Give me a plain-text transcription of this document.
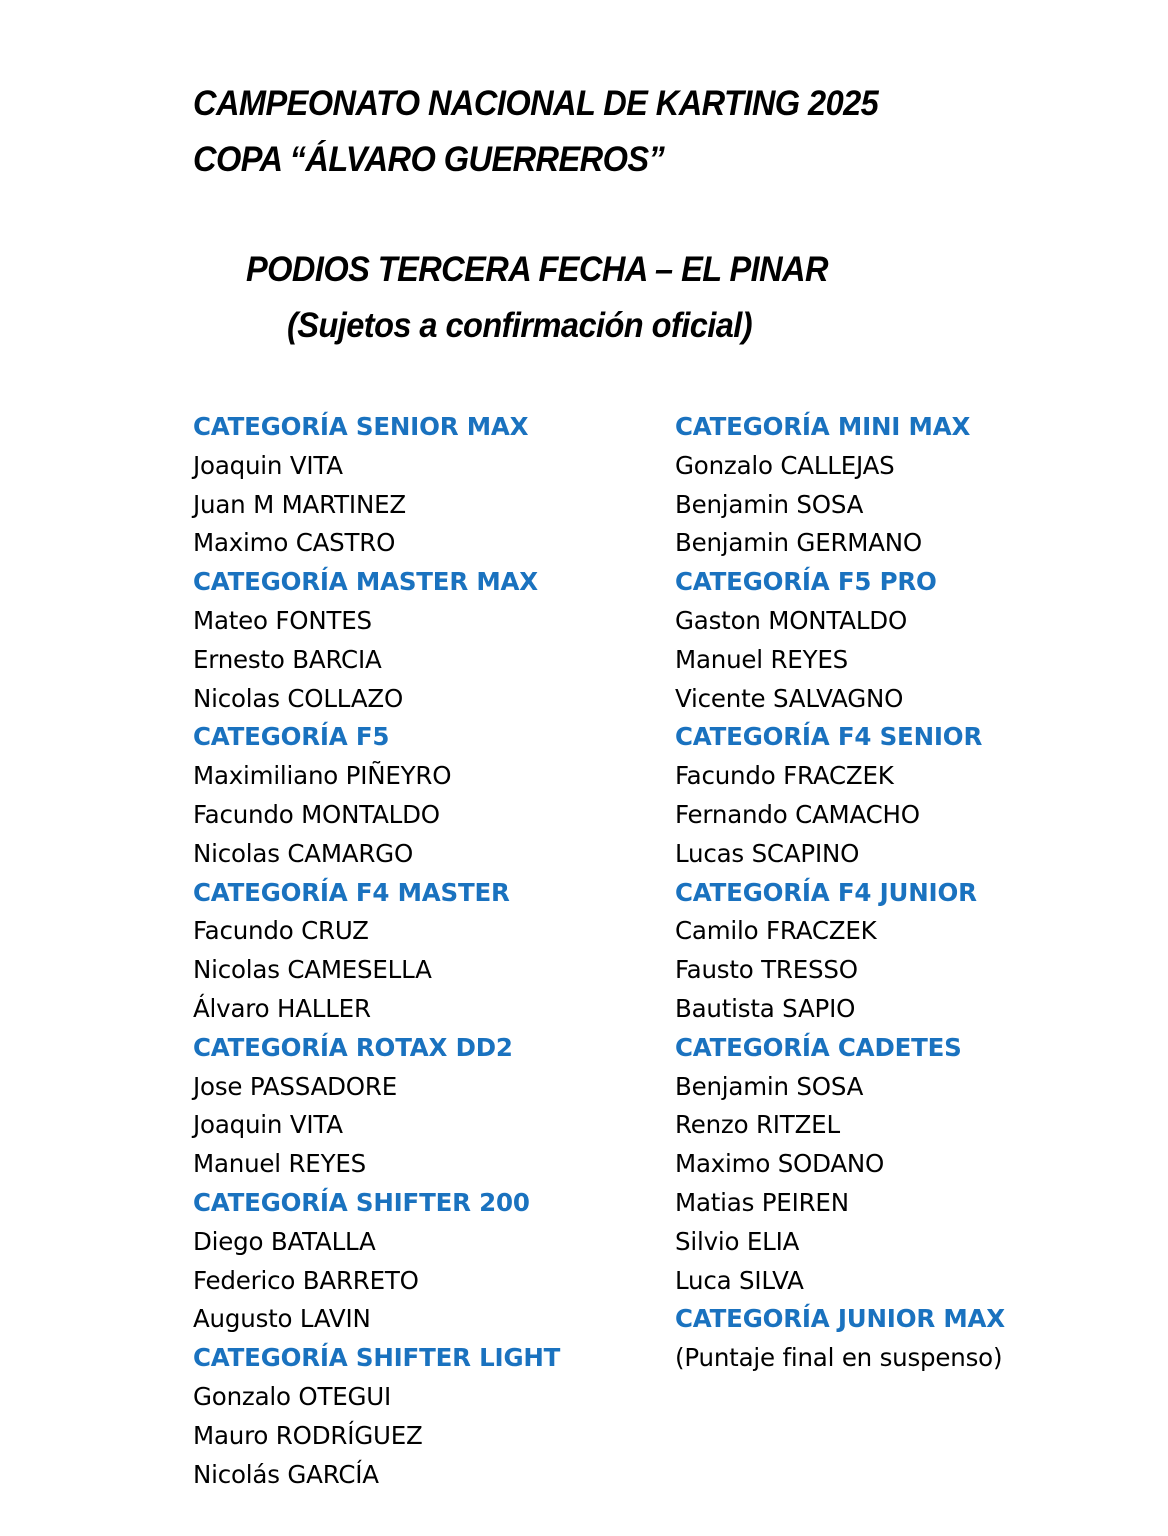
CAMPEONATO NACIONAL DE KARTING 2025
COPA “ÁLVARO GUERREROS”
PODIOS TERCERA FECHA – EL PINAR
(Sujetos a confirmación oficial)
CATEGORÍA SENIOR MAX
Joaquin VITA
Juan M MARTINEZ
Maximo CASTRO
CATEGORÍA MASTER MAX
Mateo FONTES
Ernesto BARCIA
Nicolas COLLAZO
CATEGORÍA F5
Maximiliano PIÑEYRO
Facundo MONTALDO
Nicolas CAMARGO
CATEGORÍA F4 MASTER
Facundo CRUZ
Nicolas CAMESELLA
Álvaro HALLER
CATEGORÍA ROTAX DD2
Jose PASSADORE
Joaquin VITA
Manuel REYES
CATEGORÍA SHIFTER 200
Diego BATALLA
Federico BARRETO
Augusto LAVIN
CATEGORÍA SHIFTER LIGHT
Gonzalo OTEGUI
Mauro RODRÍGUEZ
Nicolás GARCÍA
CATEGORÍA MINI MAX
Gonzalo CALLEJAS
Benjamin SOSA
Benjamin GERMANO
CATEGORÍA F5 PRO
Gaston MONTALDO
Manuel REYES
Vicente SALVAGNO
CATEGORÍA F4 SENIOR
Facundo FRACZEK
Fernando CAMACHO
Lucas SCAPINO
CATEGORÍA F4 JUNIOR
Camilo FRACZEK
Fausto TRESSO
Bautista SAPIO
CATEGORÍA CADETES
Benjamin SOSA
Renzo RITZEL
Maximo SODANO
Matias PEIREN
Silvio ELIA
Luca SILVA
CATEGORÍA JUNIOR MAX
(Puntaje final en suspenso)
